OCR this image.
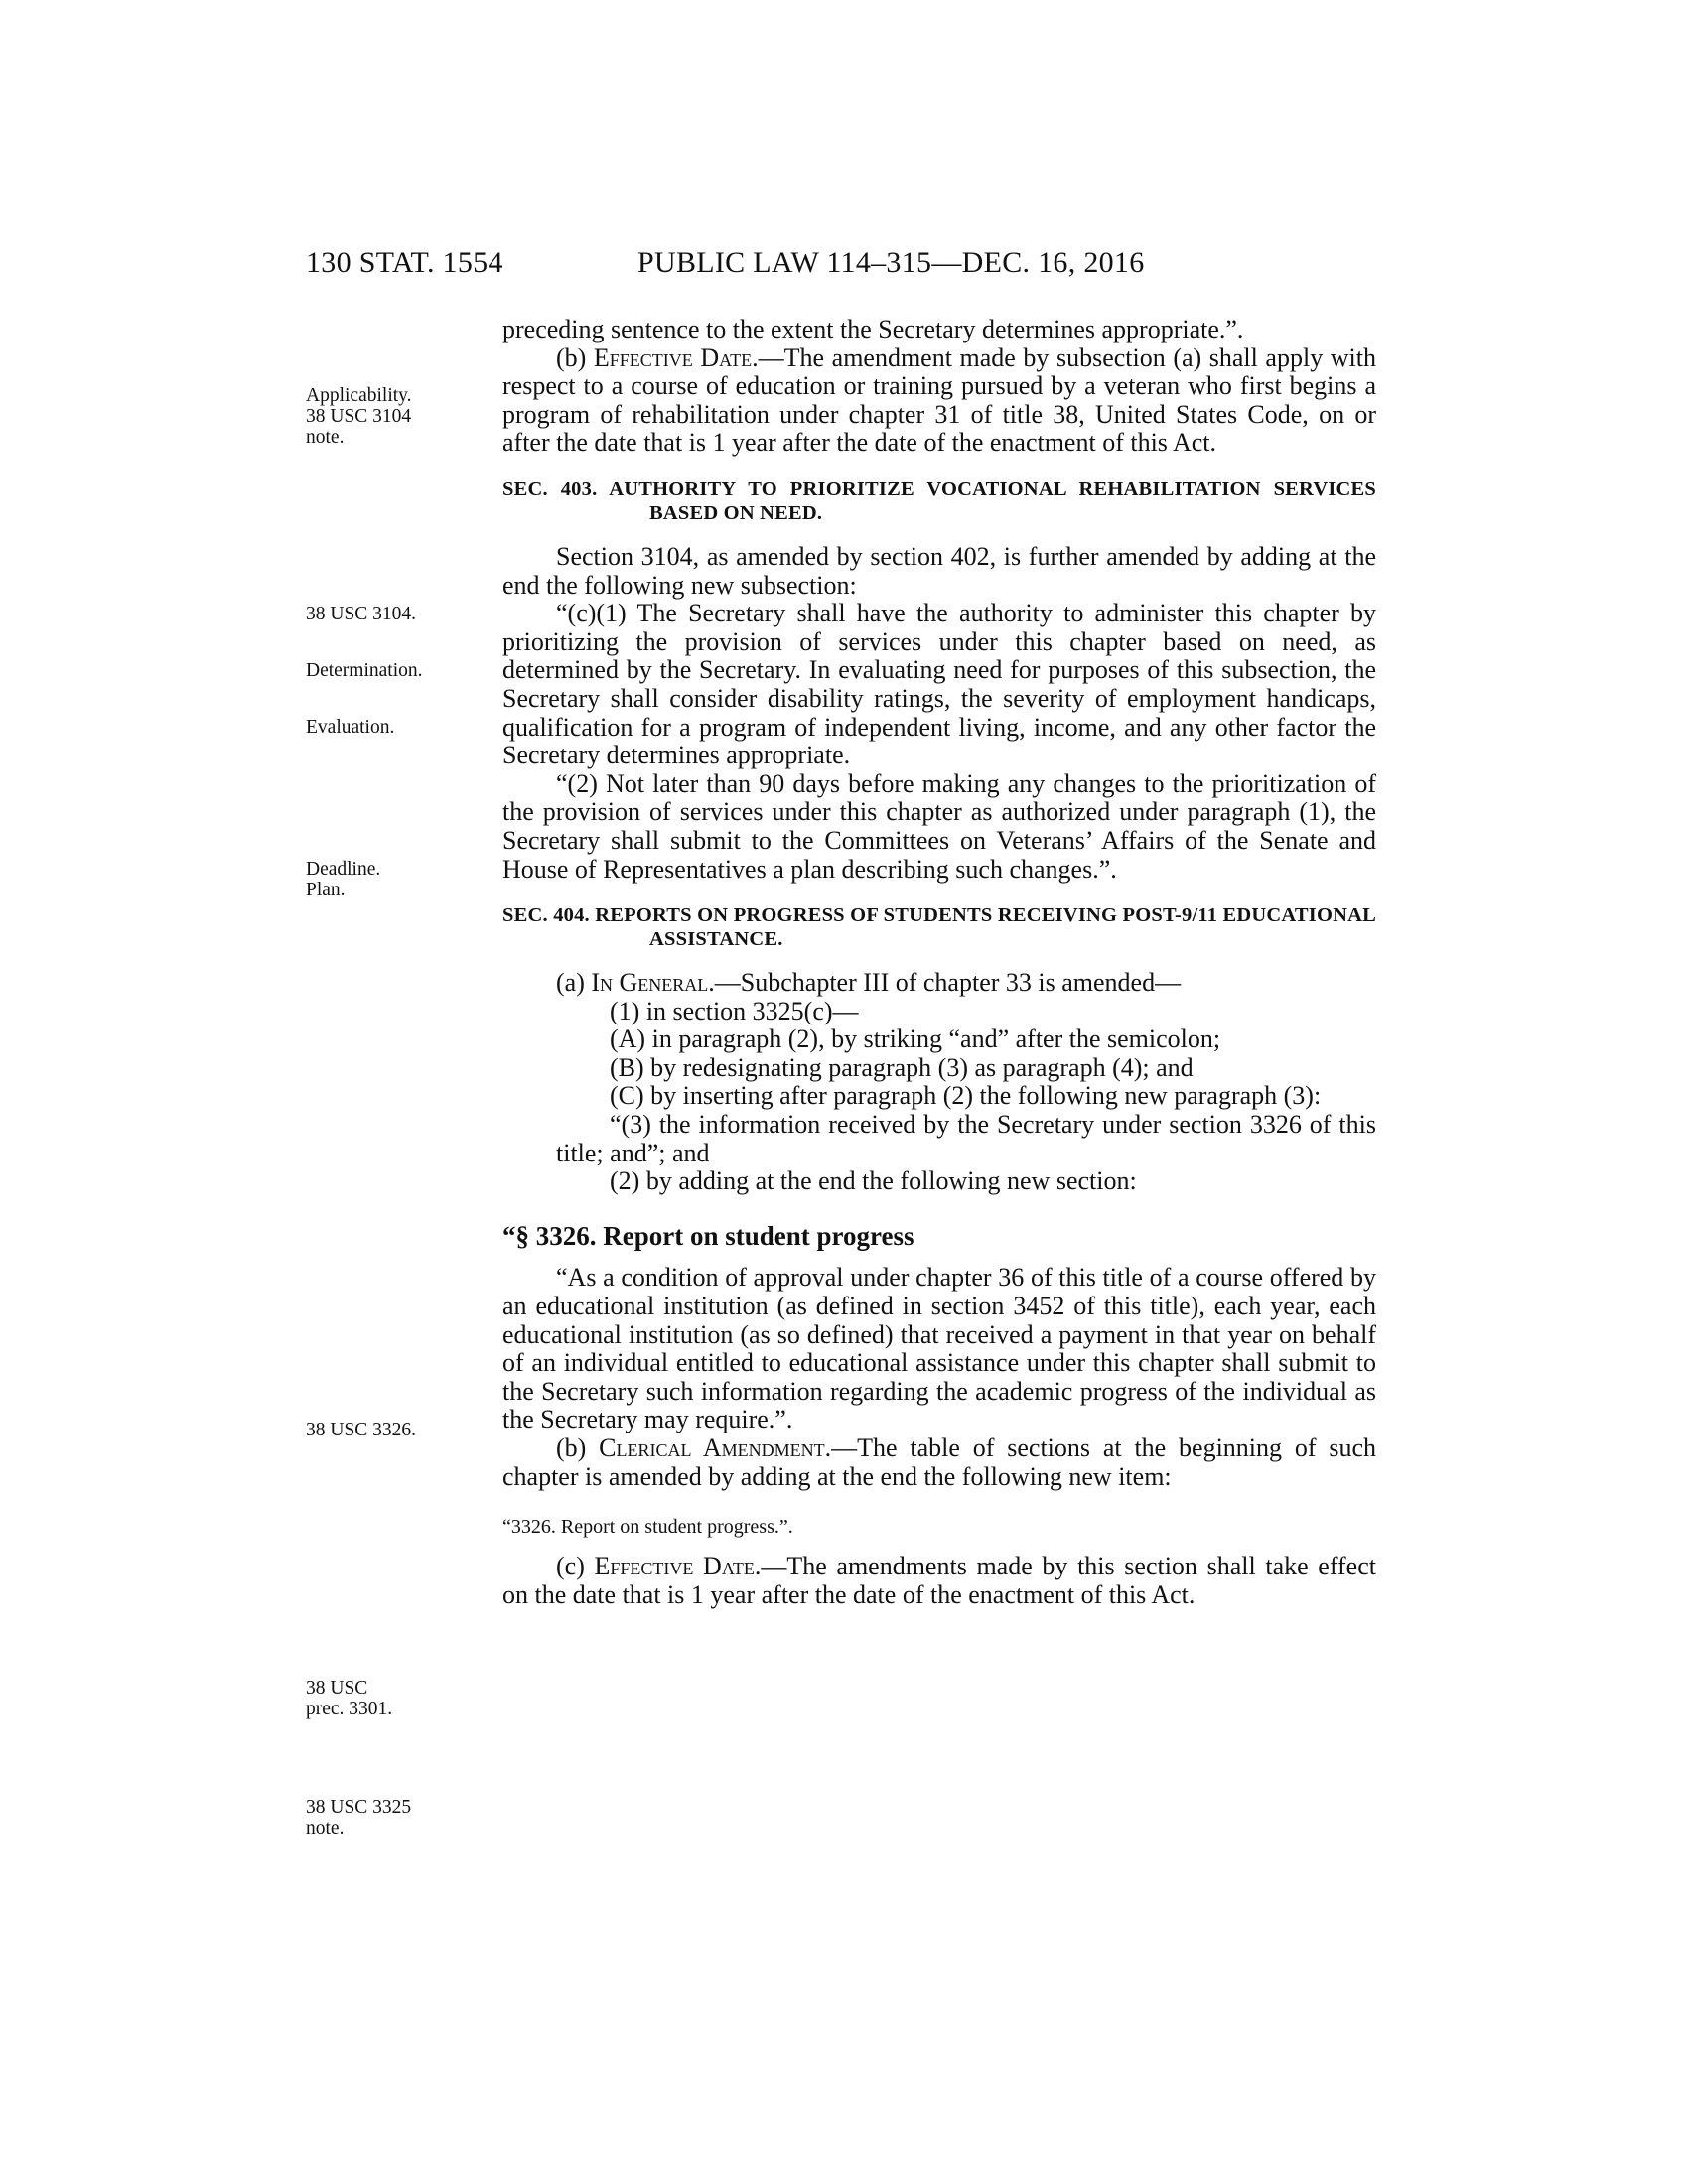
130 STAT. 1554	PUBLIC LAW 114–315—DEC. 16, 2016
Applicability.
38 USC 3104
note.
38 USC 3104.
Determination.
Evaluation.
Deadline.
Plan.
38 USC 3326.
38 USC
prec. 3301.
38 USC 3325
note.

preceding sentence to the extent the Secretary determines appropriate.”.

(b) Effective Date.—The amendment made by subsection (a) shall apply with respect to a course of education or training pursued by a veteran who first begins a program of rehabilitation under chapter 31 of title 38, United States Code, on or after the date that is 1 year after the date of the enactment of this Act.

SEC. 403. AUTHORITY TO PRIORITIZE VOCATIONAL REHABILITATION SERVICES BASED ON NEED.

Section 3104, as amended by section 402, is further amended by adding at the end the following new subsection:

“(c)(1) The Secretary shall have the authority to administer this chapter by prioritizing the provision of services under this chapter based on need, as determined by the Secretary. In evaluating need for purposes of this subsection, the Secretary shall consider disability ratings, the severity of employment handicaps, qualification for a program of independent living, income, and any other factor the Secretary determines appropriate.

“(2) Not later than 90 days before making any changes to the prioritization of the provision of services under this chapter as authorized under paragraph (1), the Secretary shall submit to the Committees on Veterans’ Affairs of the Senate and House of Representatives a plan describing such changes.”.

SEC. 404. REPORTS ON PROGRESS OF STUDENTS RECEIVING POST-9/11 EDUCATIONAL ASSISTANCE.

(a) In General.—Subchapter III of chapter 33 is amended—

(1) in section 3325(c)—

(A) in paragraph (2), by striking “and” after the semicolon;

(B) by redesignating paragraph (3) as paragraph (4); and

(C) by inserting after paragraph (2) the following new paragraph (3):

“(3) the information received by the Secretary under section 3326 of this title; and”; and

(2) by adding at the end the following new section:

“§ 3326. Report on student progress

“As a condition of approval under chapter 36 of this title of a course offered by an educational institution (as defined in section 3452 of this title), each year, each educational institution (as so defined) that received a payment in that year on behalf of an individual entitled to educational assistance under this chapter shall submit to the Secretary such information regarding the academic progress of the individual as the Secretary may require.”.

(b) Clerical Amendment.—The table of sections at the beginning of such chapter is amended by adding at the end the following new item:

“3326. Report on student progress.”.

(c) Effective Date.—The amendments made by this section shall take effect on the date that is 1 year after the date of the enactment of this Act.
